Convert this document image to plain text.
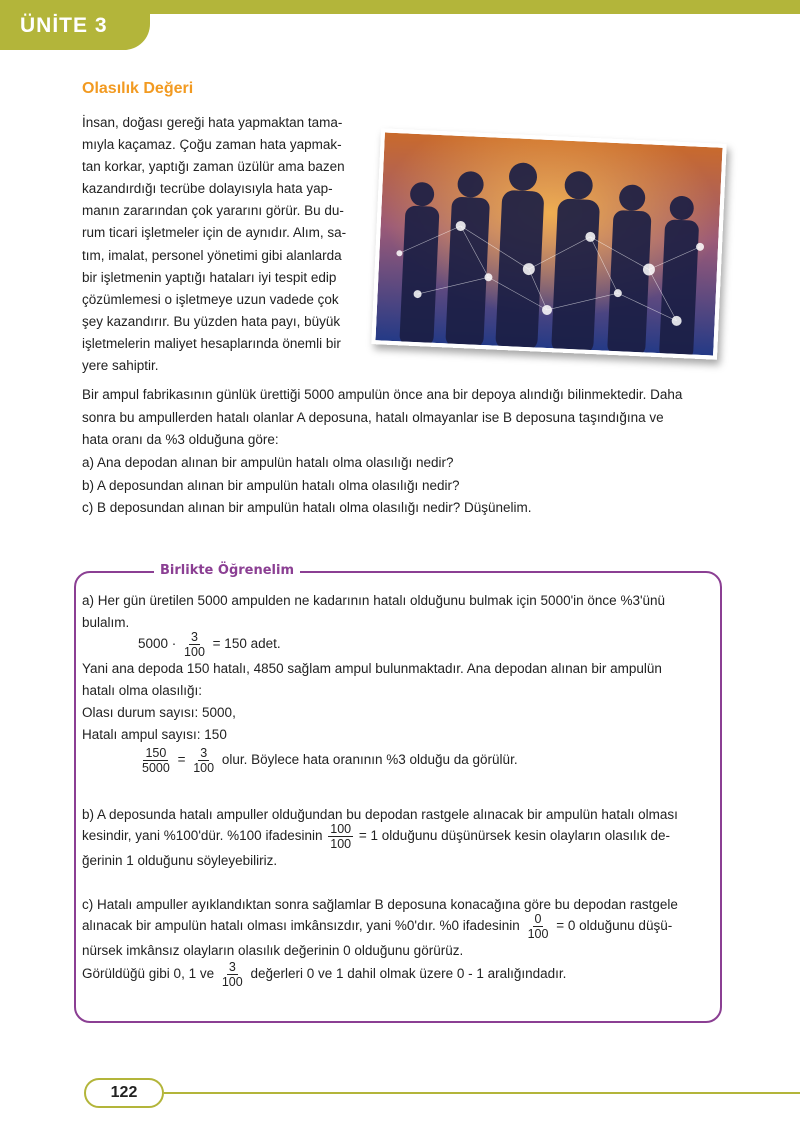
ÜNİTE 3
Olasılık Değeri
İnsan, doğası gereği hata yapmaktan tama-
mıyla kaçamaz. Çoğu zaman hata yapmak-
tan korkar, yaptığı zaman üzülür ama bazen
kazandırdığı tecrübe dolayısıyla hata yap-
manın zararından çok yararını görür. Bu du-
rum ticari işletmeler için de aynıdır. Alım, sa-
tım, imalat, personel yönetimi gibi alanlarda
bir işletmenin yaptığı hataları iyi tespit edip
çözümlemesi o işletmeye uzun vadede çok
şey kazandırır. Bu yüzden hata payı, büyük
işletmelerin maliyet hesaplarında önemli bir
yere sahiptir.
Bir ampul fabrikasının günlük ürettiği 5000 ampulün önce ana bir depoya alındığı bilinmektedir. Daha
sonra bu ampullerden hatalı olanlar A deposuna, hatalı olmayanlar ise B deposuna taşındığına ve
hata oranı da %3 olduğuna göre:
a) Ana depodan alınan bir ampulün hatalı olma olasılığı nedir?
b) A deposundan alınan bir ampulün hatalı olma olasılığı nedir?
c) B deposundan alınan bir ampulün hatalı olma olasılığı nedir? Düşünelim.
Birlikte Öğrenelim
a) Her gün üretilen 5000 ampulden ne kadarının hatalı olduğunu bulmak için 5000'in önce %3'ünü
bulalım.
$5000 \cdot \frac{3}{100} = 150$ adet.
Yani ana depoda 150 hatalı, 4850 sağlam ampul bulunmaktadır. Ana depodan alınan bir ampulün
hatalı olma olasılığı:
Olası durum sayısı: 5000,
Hatalı ampul sayısı: 150
$\frac{150}{5000} = \frac{3}{100}$ olur. Böylece hata oranının %3 olduğu da görülür.
b) A deposunda hatalı ampuller olduğundan bu depodan rastgele alınacak bir ampulün hatalı olması
kesindir, yani %100'dür. %100 ifadesinin $\frac{100}{100} = 1$ olduğunu düşünürsek kesin olayların olasılık de-
ğerinin 1 olduğunu söyleyebiliriz.
c) Hatalı ampuller ayıklandıktan sonra sağlamlar B deposuna konacağına göre bu depodan rastgele
alınacak bir ampulün hatalı olması imkânsızdır, yani %0'dır. %0 ifadesinin $\frac{0}{100} = 0$ olduğunu düşü-
nürsek imkânsız olayların olasılık değerinin 0 olduğunu görürüz.
Görüldüğü gibi 0, 1 ve $\frac{3}{100}$ değerleri 0 ve 1 dahil olmak üzere 0 - 1 aralığındadır.
122
